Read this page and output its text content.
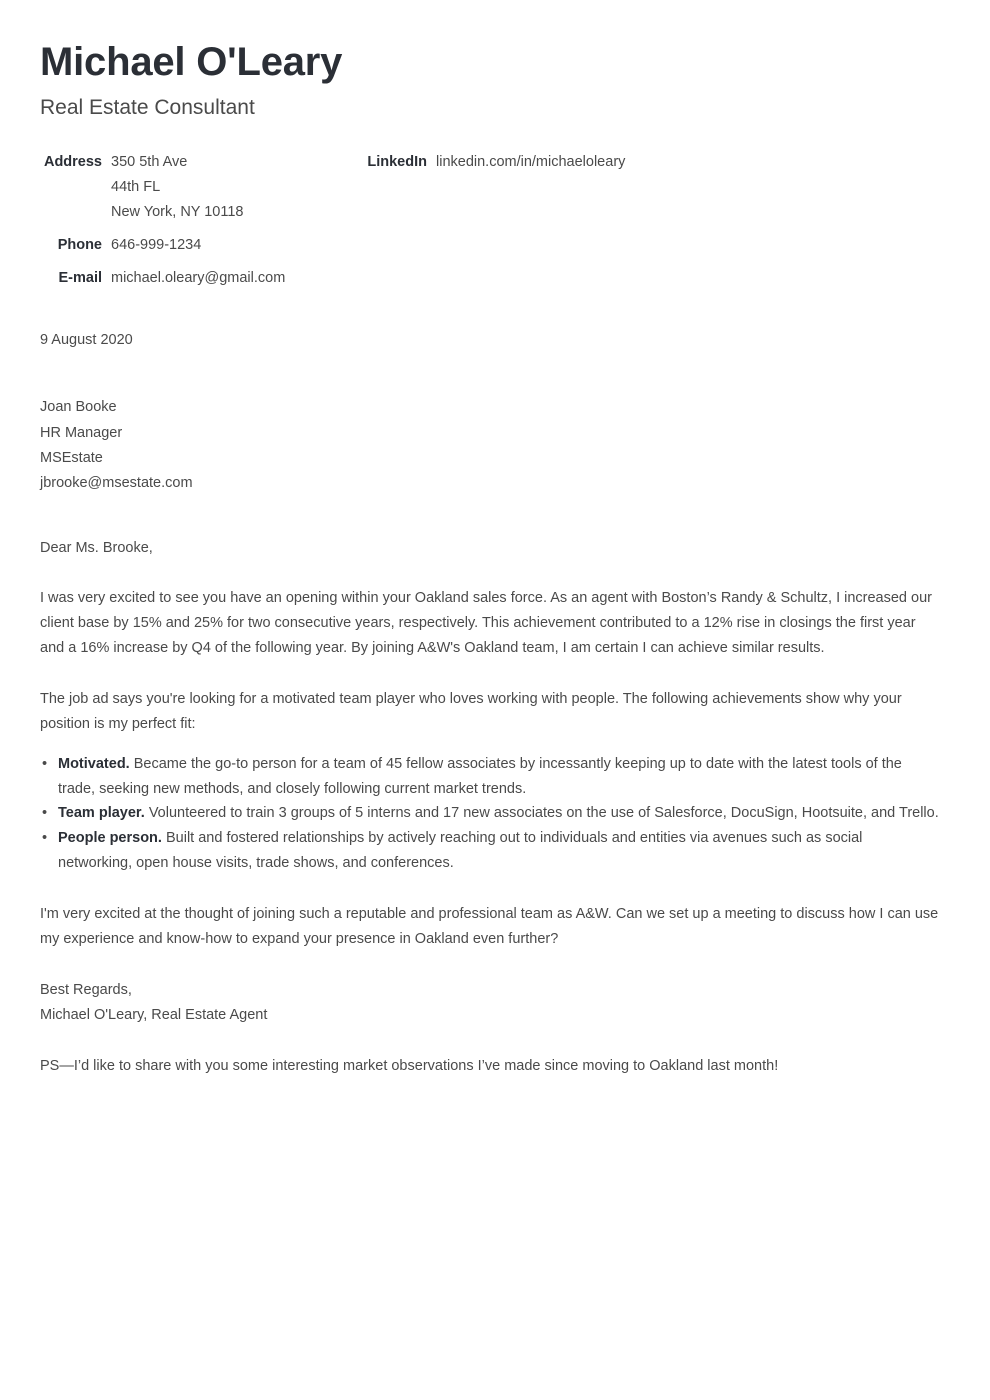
Michael O'Leary
Real Estate Consultant
Address 350 5th Ave
44th FL
New York, NY 10118
Phone 646-999-1234
E-mail michael.oleary@gmail.com
LinkedIn linkedin.com/in/michaeloleary
9 August 2020
Joan Booke
HR Manager
MSEstate
jbrooke@msestate.com
Dear Ms. Brooke,

I was very excited to see you have an opening within your Oakland sales force. As an agent with Boston’s Randy & Schultz, I increased our client base by 15% and 25% for two consecutive years, respectively. This achievement contributed to a 12% rise in closings the first year and a 16% increase by Q4 of the following year. By joining A&W's Oakland team, I am certain I can achieve similar results.

The job ad says you're looking for a motivated team player who loves working with people. The following achievements show why your position is my perfect fit:

• Motivated. Became the go-to person for a team of 45 fellow associates by incessantly keeping up to date with the latest tools of the trade, seeking new methods, and closely following current market trends.
• Team player. Volunteered to train 3 groups of 5 interns and 17 new associates on the use of Salesforce, DocuSign, Hootsuite, and Trello.
• People person. Built and fostered relationships by actively reaching out to individuals and entities via avenues such as social networking, open house visits, trade shows, and conferences.

I'm very excited at the thought of joining such a reputable and professional team as A&W. Can we set up a meeting to discuss how I can use my experience and know-how to expand your presence in Oakland even further?

Best Regards,
Michael O'Leary, Real Estate Agent
PS—I’d like to share with you some interesting market observations I’ve made since moving to Oakland last month!
